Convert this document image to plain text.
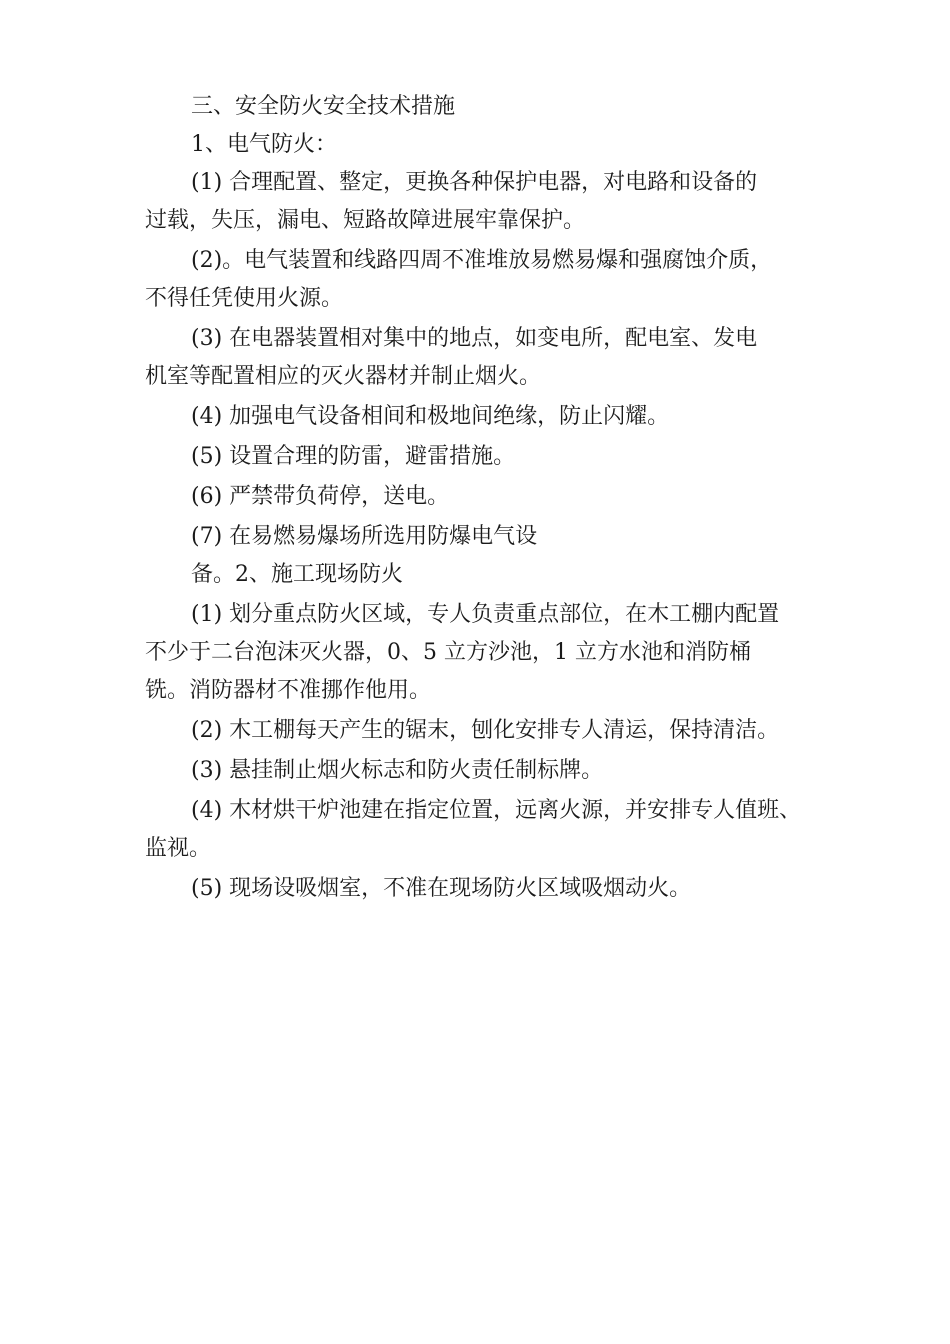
三、安全防火安全技术措施

1、电气防火：

(1) 合理配置、整定，更换各种保护电器，对电路和设备的

过载，失压，漏电、短路故障进展牢靠保护。

(2)。电气装置和线路四周不准堆放易燃易爆和强腐蚀介质，

不得任凭使用火源。

(3) 在电器装置相对集中的地点，如变电所，配电室、发电

机室等配置相应的灭火器材并制止烟火。

(4) 加强电气设备相间和极地间绝缘，防止闪耀。

(5) 设置合理的防雷，避雷措施。

(6) 严禁带负荷停，送电。

(7) 在易燃易爆场所选用防爆电气设

备。2、施工现场防火

(1) 划分重点防火区域，专人负责重点部位，在木工棚内配置

不少于二台泡沫灭火器，0、5 立方沙池，1 立方水池和消防桶

铣。消防器材不准挪作他用。

(2) 木工棚每天产生的锯末，刨化安排专人清运，保持清洁。

(3) 悬挂制止烟火标志和防火责任制标牌。

(4) 木材烘干炉池建在指定位置，远离火源，并安排专人值班、

监视。

(5) 现场设吸烟室，不准在现场防火区域吸烟动火。
